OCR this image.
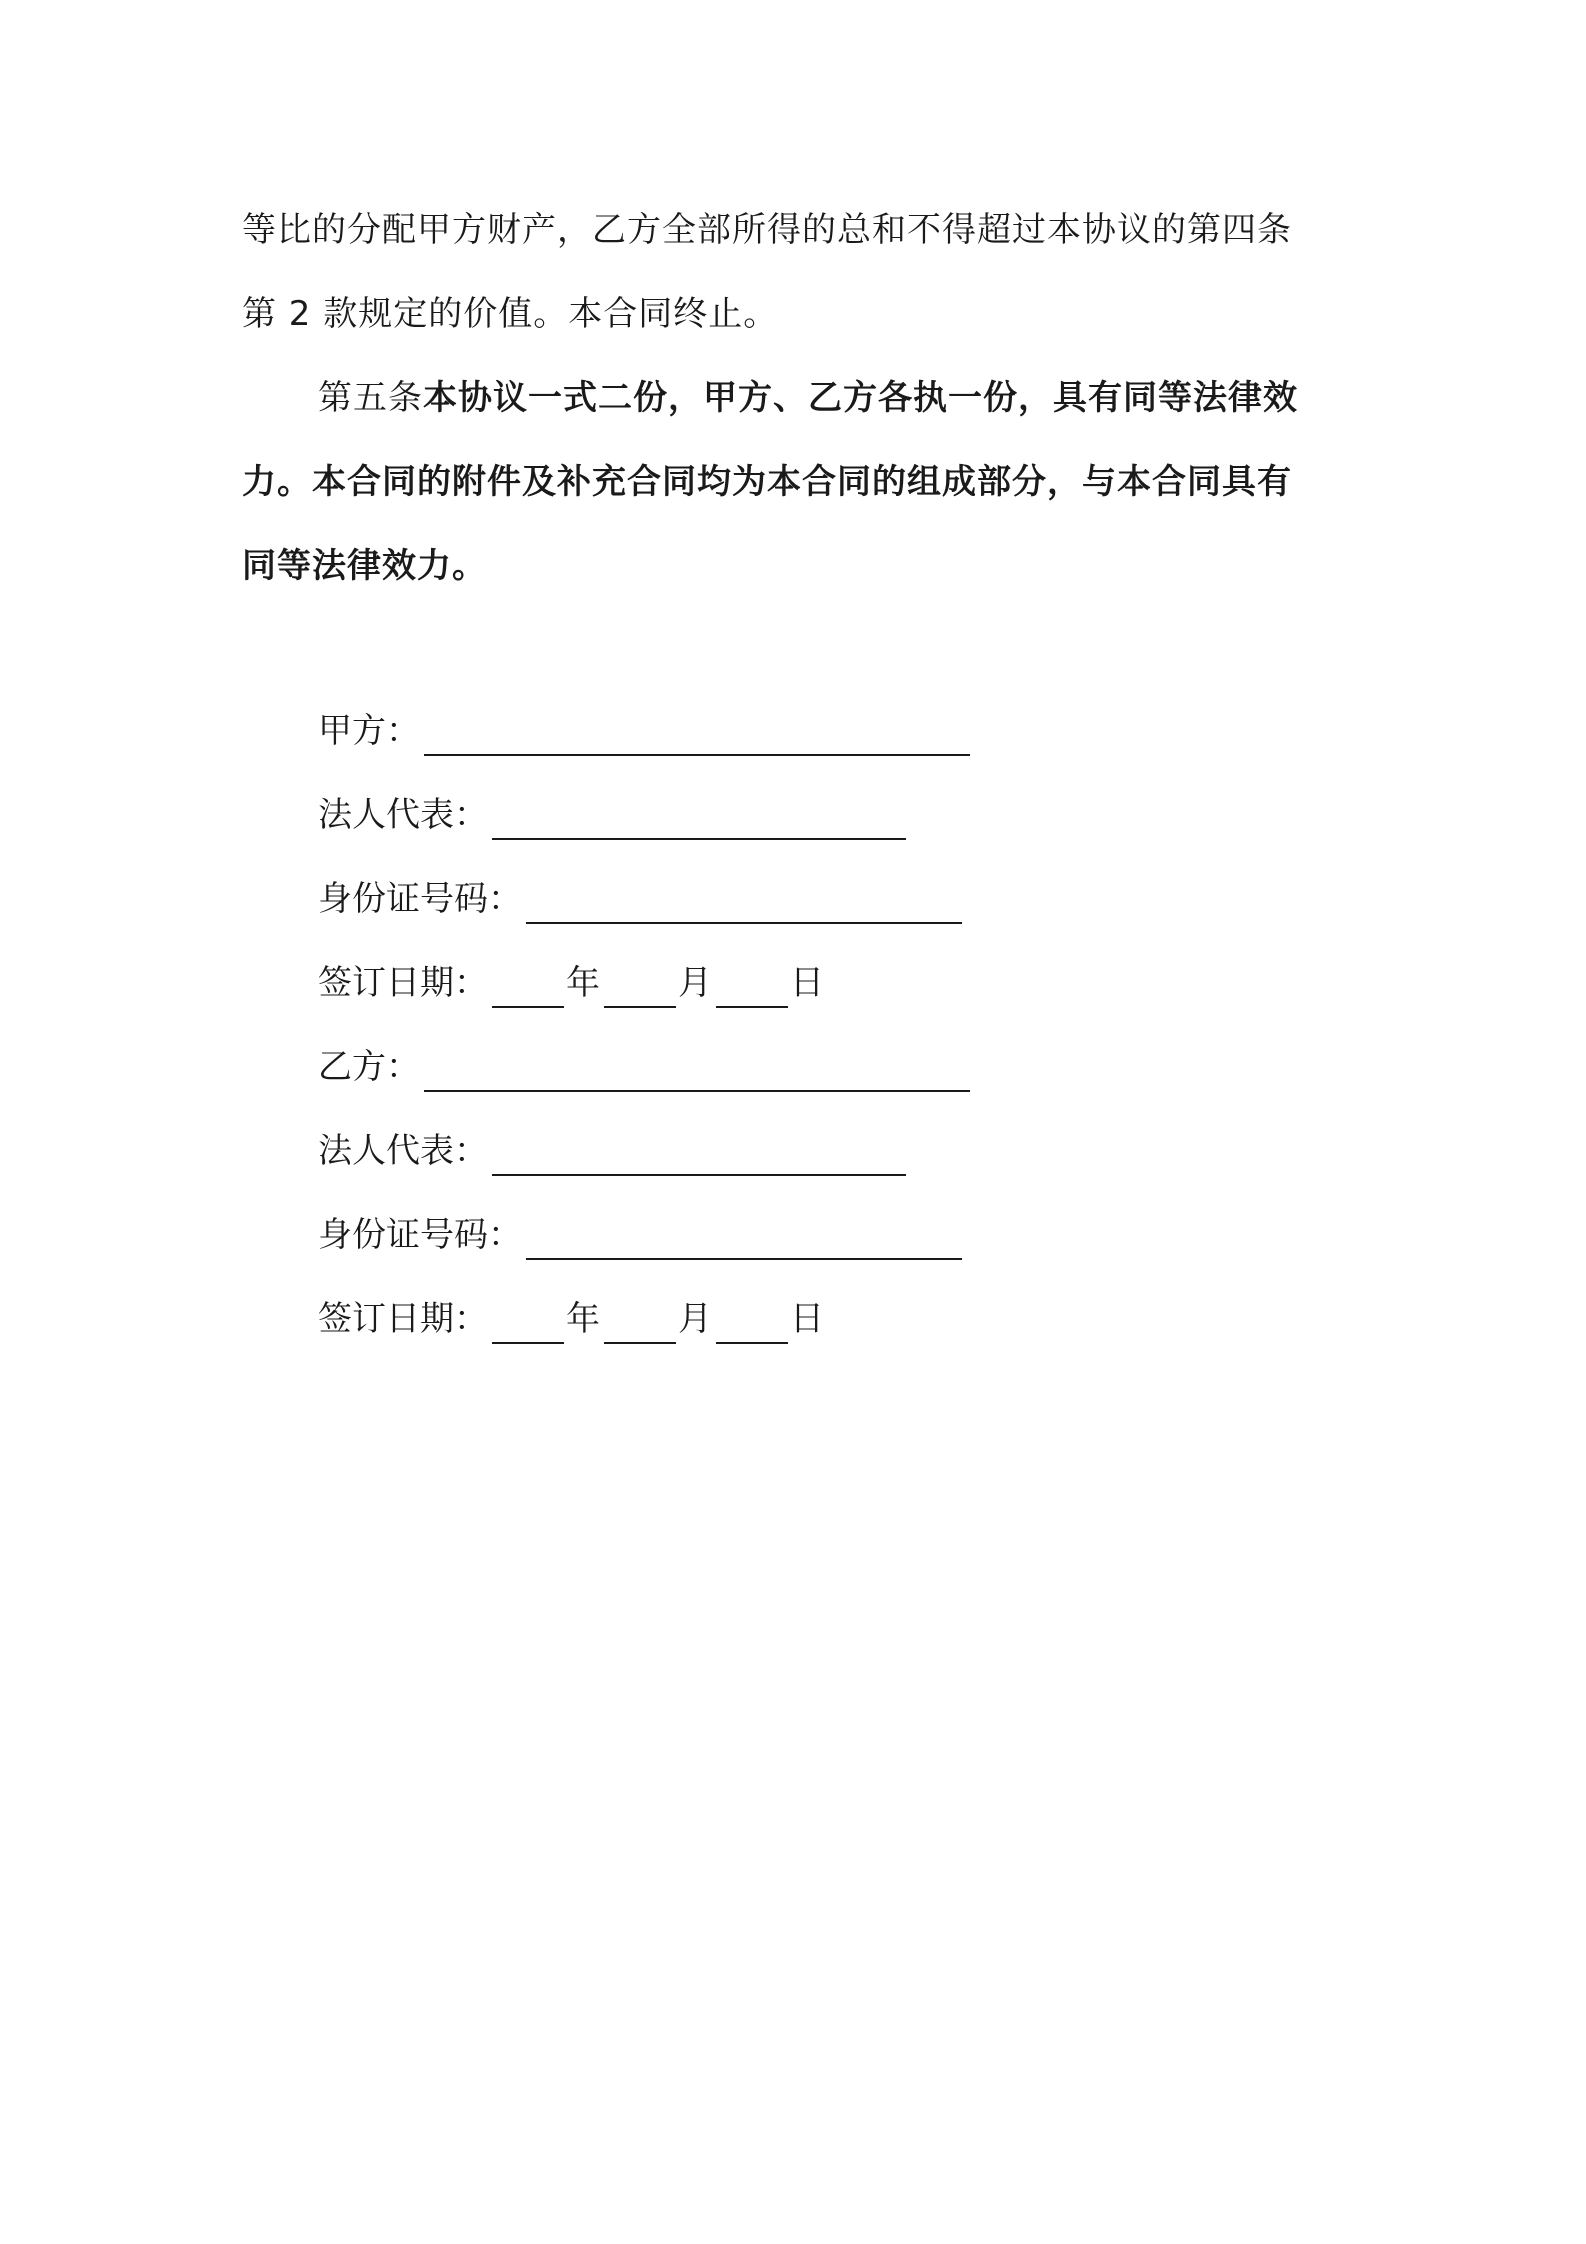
等比的分配甲方财产，乙方全部所得的总和不得超过本协议的第四条第 2 款规定的价值。本合同终止。

第五条本协议一式二份，甲方、乙方各执一份，具有同等法律效力。本合同的附件及补充合同均为本合同的组成部分，与本合同具有同等法律效力。

甲方：
法人代表：
身份证号码：
签订日期： 年 月 日
乙方：
法人代表：
身份证号码：
签订日期： 年 月 日
